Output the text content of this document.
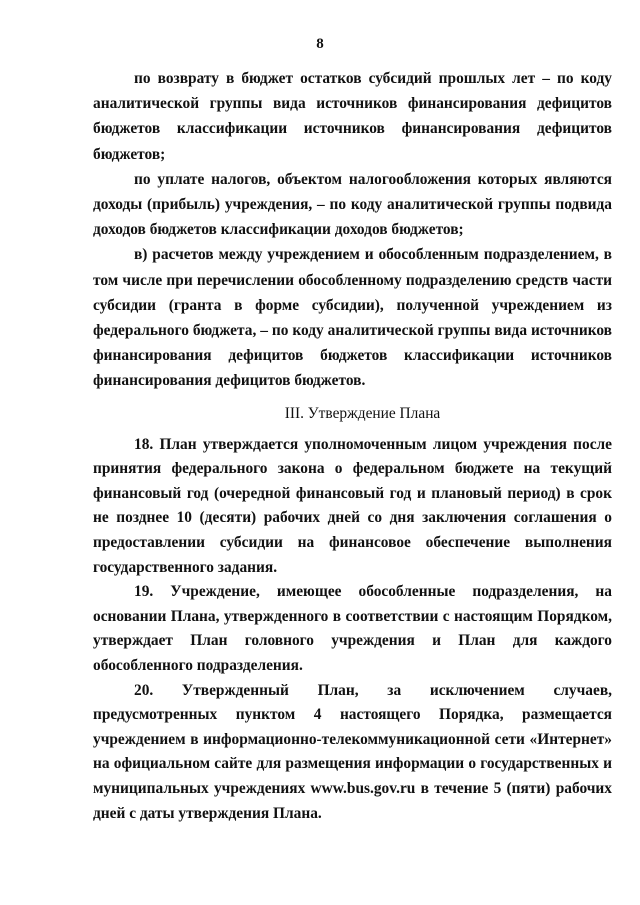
8

по возврату в бюджет остатков субсидий прошлых лет – по коду аналитической группы вида источников финансирования дефицитов бюджетов классификации источников финансирования дефицитов бюджетов;

по уплате налогов, объектом налогообложения которых являются доходы (прибыль) учреждения, – по коду аналитической группы подвида доходов бюджетов классификации доходов бюджетов;

в) расчетов между учреждением и обособленным подразделением, в том числе при перечислении обособленному подразделению средств части субсидии (гранта в форме субсидии), полученной учреждением из федерального бюджета, – по коду аналитической группы вида источников финансирования дефицитов бюджетов классификации источников финансирования дефицитов бюджетов.

III. Утверждение Плана

18. План утверждается уполномоченным лицом учреждения после принятия федерального закона о федеральном бюджете на текущий финансовый год (очередной финансовый год и плановый период) в срок не позднее 10 (десяти) рабочих дней со дня заключения соглашения о предоставлении субсидии на финансовое обеспечение выполнения государственного задания.

19. Учреждение, имеющее обособленные подразделения, на основании Плана, утвержденного в соответствии с настоящим Порядком, утверждает План головного учреждения и План для каждого обособленного подразделения.

20. Утвержденный План, за исключением случаев, предусмотренных пунктом 4 настоящего Порядка, размещается учреждением в информационно-телекоммуникационной сети «Интернет» на официальном сайте для размещения информации о государственных и муниципальных учреждениях www.bus.gov.ru в течение 5 (пяти) рабочих дней с даты утверждения Плана.
